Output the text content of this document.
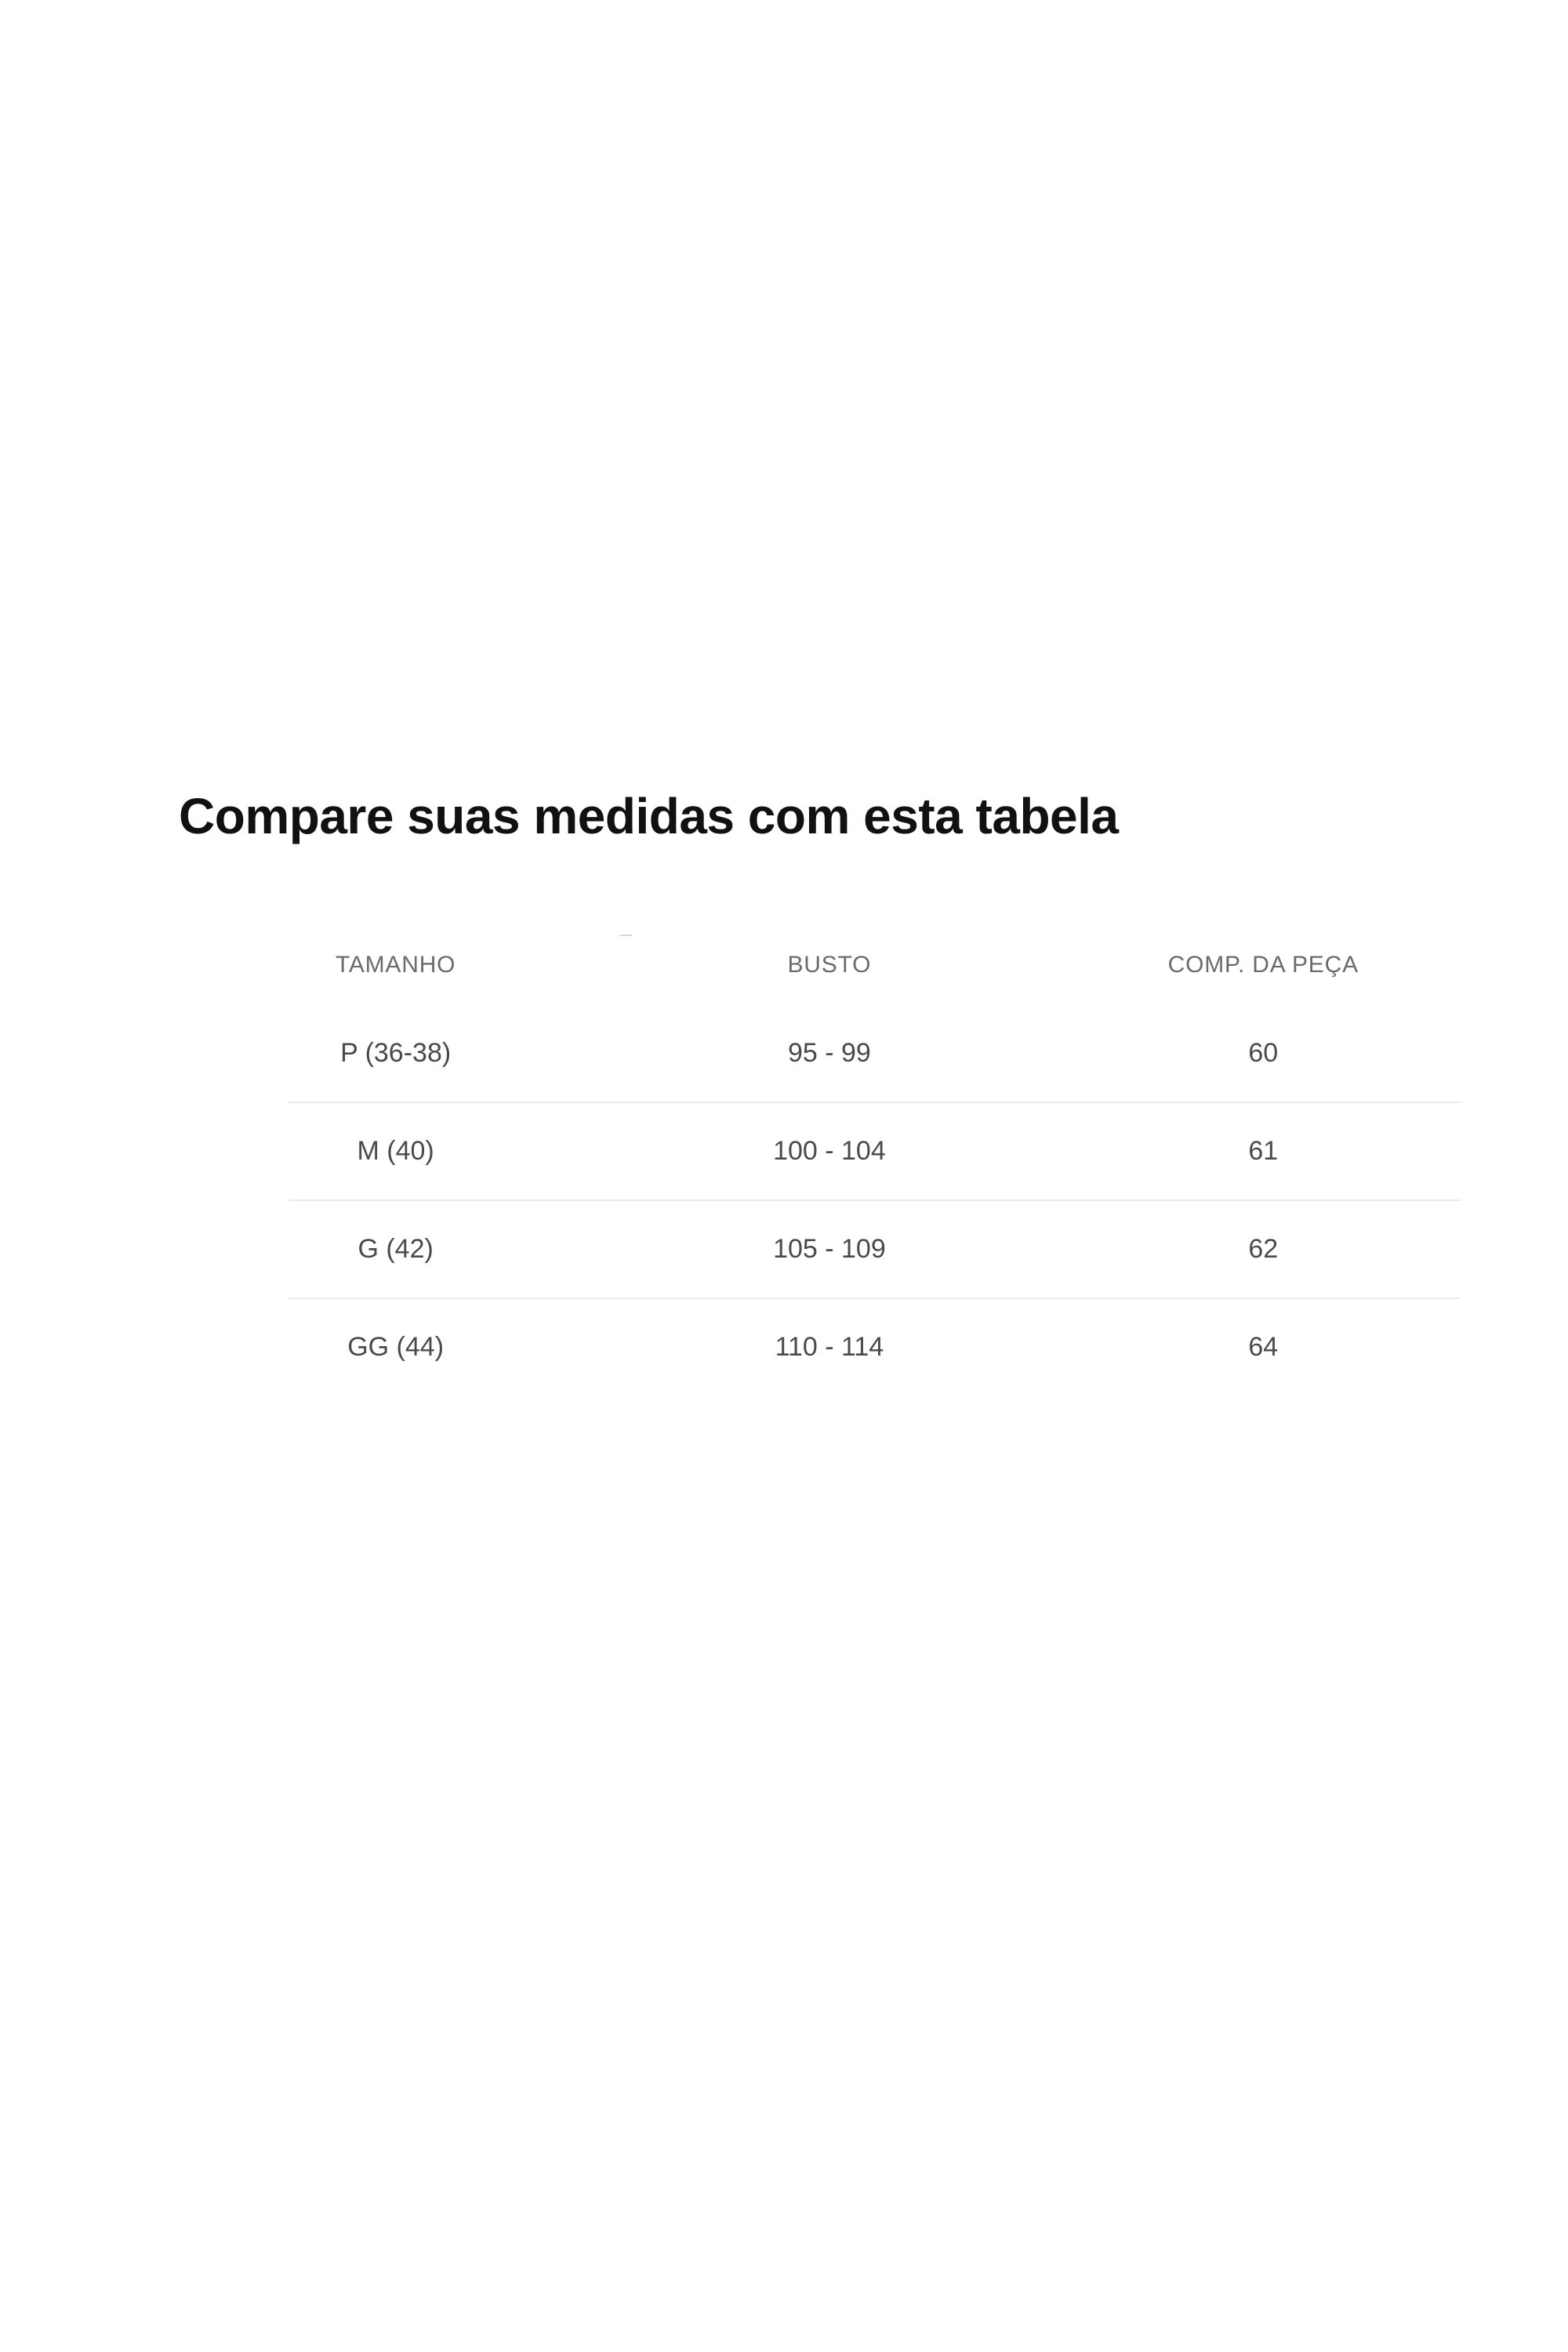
Compare suas medidas com esta tabela
TAMANHO	BUSTO	COMP. DA PEÇA
P (36-38)	95 - 99	60
M (40)	100 - 104	61
G (42)	105 - 109	62
GG (44)	110 - 114	64
